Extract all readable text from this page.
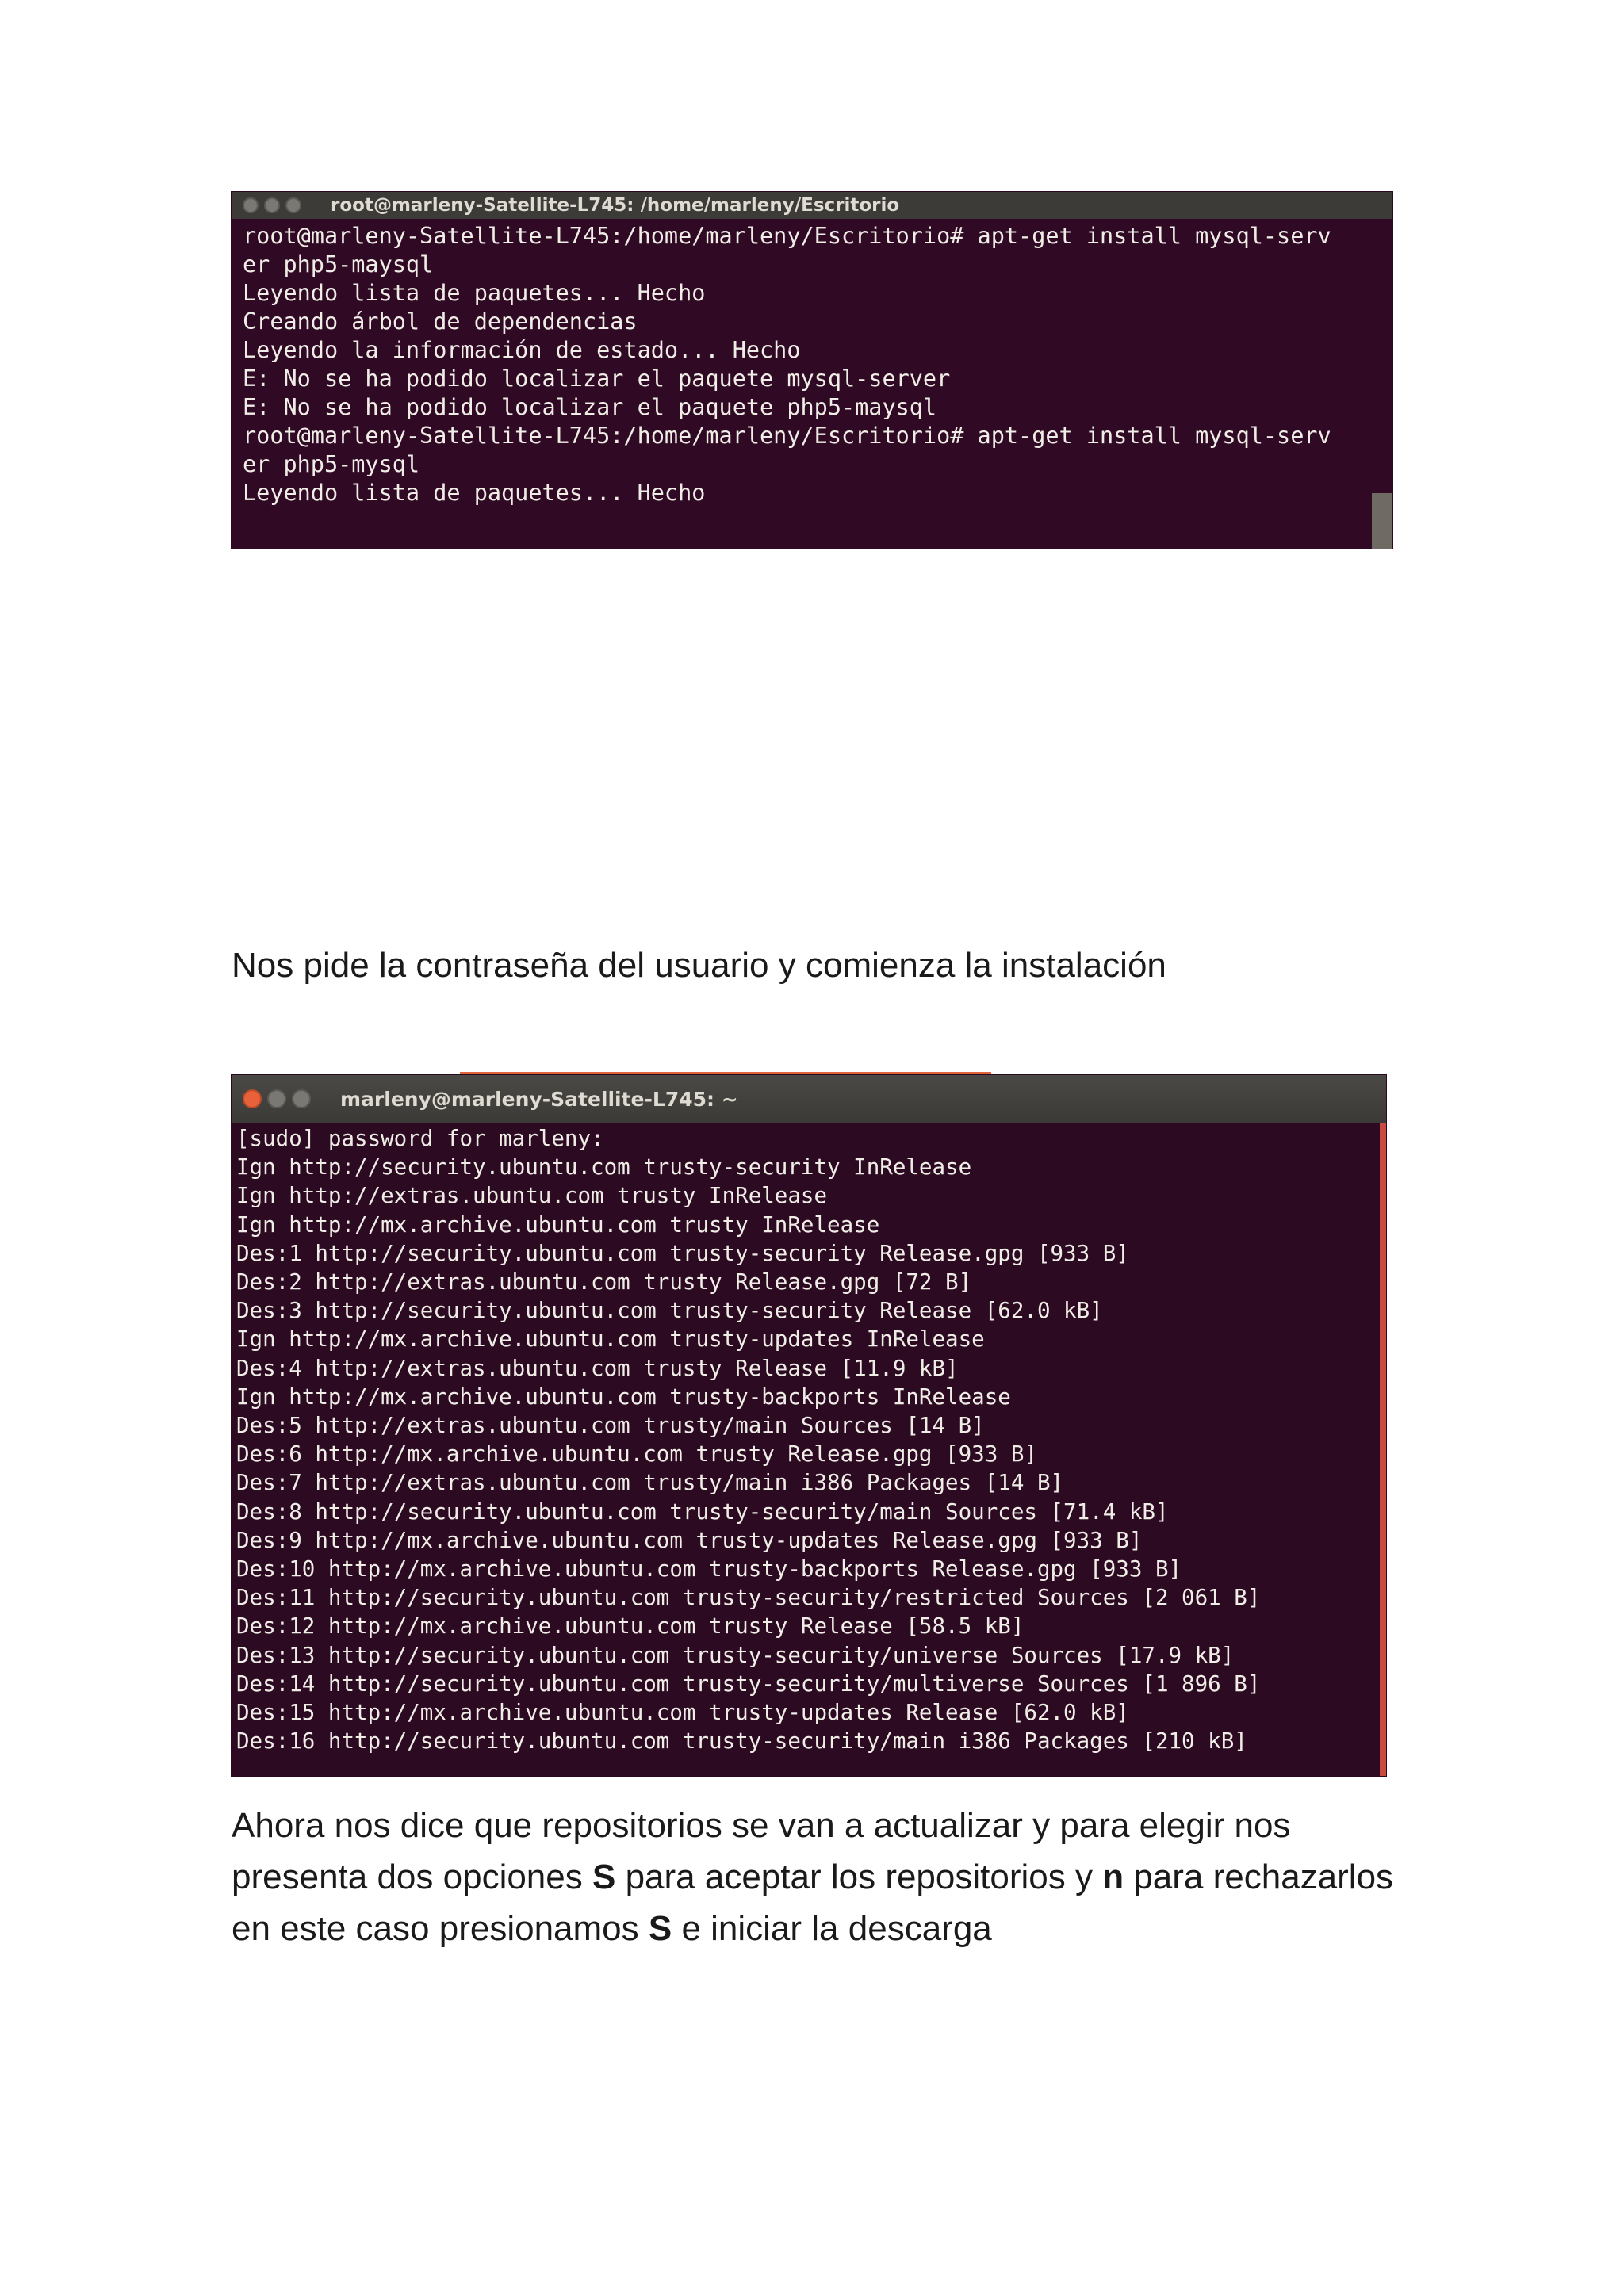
root@marleny-Satellite-L745: /home/marleny/Escritorio
root@marleny-Satellite-L745:/home/marleny/Escritorio# apt-get install mysql-serv
er php5-maysql
Leyendo lista de paquetes... Hecho
Creando árbol de dependencias
Leyendo la información de estado... Hecho
E: No se ha podido localizar el paquete mysql-server
E: No se ha podido localizar el paquete php5-maysql
root@marleny-Satellite-L745:/home/marleny/Escritorio# apt-get install mysql-serv
er php5-mysql
Leyendo lista de paquetes... Hecho

Nos pide la contraseña del usuario y comienza la instalación

marleny@marleny-Satellite-L745: ~
[sudo] password for marleny:
Ign http://security.ubuntu.com trusty-security InRelease
Ign http://extras.ubuntu.com trusty InRelease
Ign http://mx.archive.ubuntu.com trusty InRelease
Des:1 http://security.ubuntu.com trusty-security Release.gpg [933 B]
Des:2 http://extras.ubuntu.com trusty Release.gpg [72 B]
Des:3 http://security.ubuntu.com trusty-security Release [62.0 kB]
Ign http://mx.archive.ubuntu.com trusty-updates InRelease
Des:4 http://extras.ubuntu.com trusty Release [11.9 kB]
Ign http://mx.archive.ubuntu.com trusty-backports InRelease
Des:5 http://extras.ubuntu.com trusty/main Sources [14 B]
Des:6 http://mx.archive.ubuntu.com trusty Release.gpg [933 B]
Des:7 http://extras.ubuntu.com trusty/main i386 Packages [14 B]
Des:8 http://security.ubuntu.com trusty-security/main Sources [71.4 kB]
Des:9 http://mx.archive.ubuntu.com trusty-updates Release.gpg [933 B]
Des:10 http://mx.archive.ubuntu.com trusty-backports Release.gpg [933 B]
Des:11 http://security.ubuntu.com trusty-security/restricted Sources [2 061 B]
Des:12 http://mx.archive.ubuntu.com trusty Release [58.5 kB]
Des:13 http://security.ubuntu.com trusty-security/universe Sources [17.9 kB]
Des:14 http://security.ubuntu.com trusty-security/multiverse Sources [1 896 B]
Des:15 http://mx.archive.ubuntu.com trusty-updates Release [62.0 kB]
Des:16 http://security.ubuntu.com trusty-security/main i386 Packages [210 kB]

Ahora nos dice que repositorios se van a actualizar y para elegir nos presenta dos opciones S para aceptar los repositorios y n para rechazarlos en este caso presionamos S e iniciar la descarga
